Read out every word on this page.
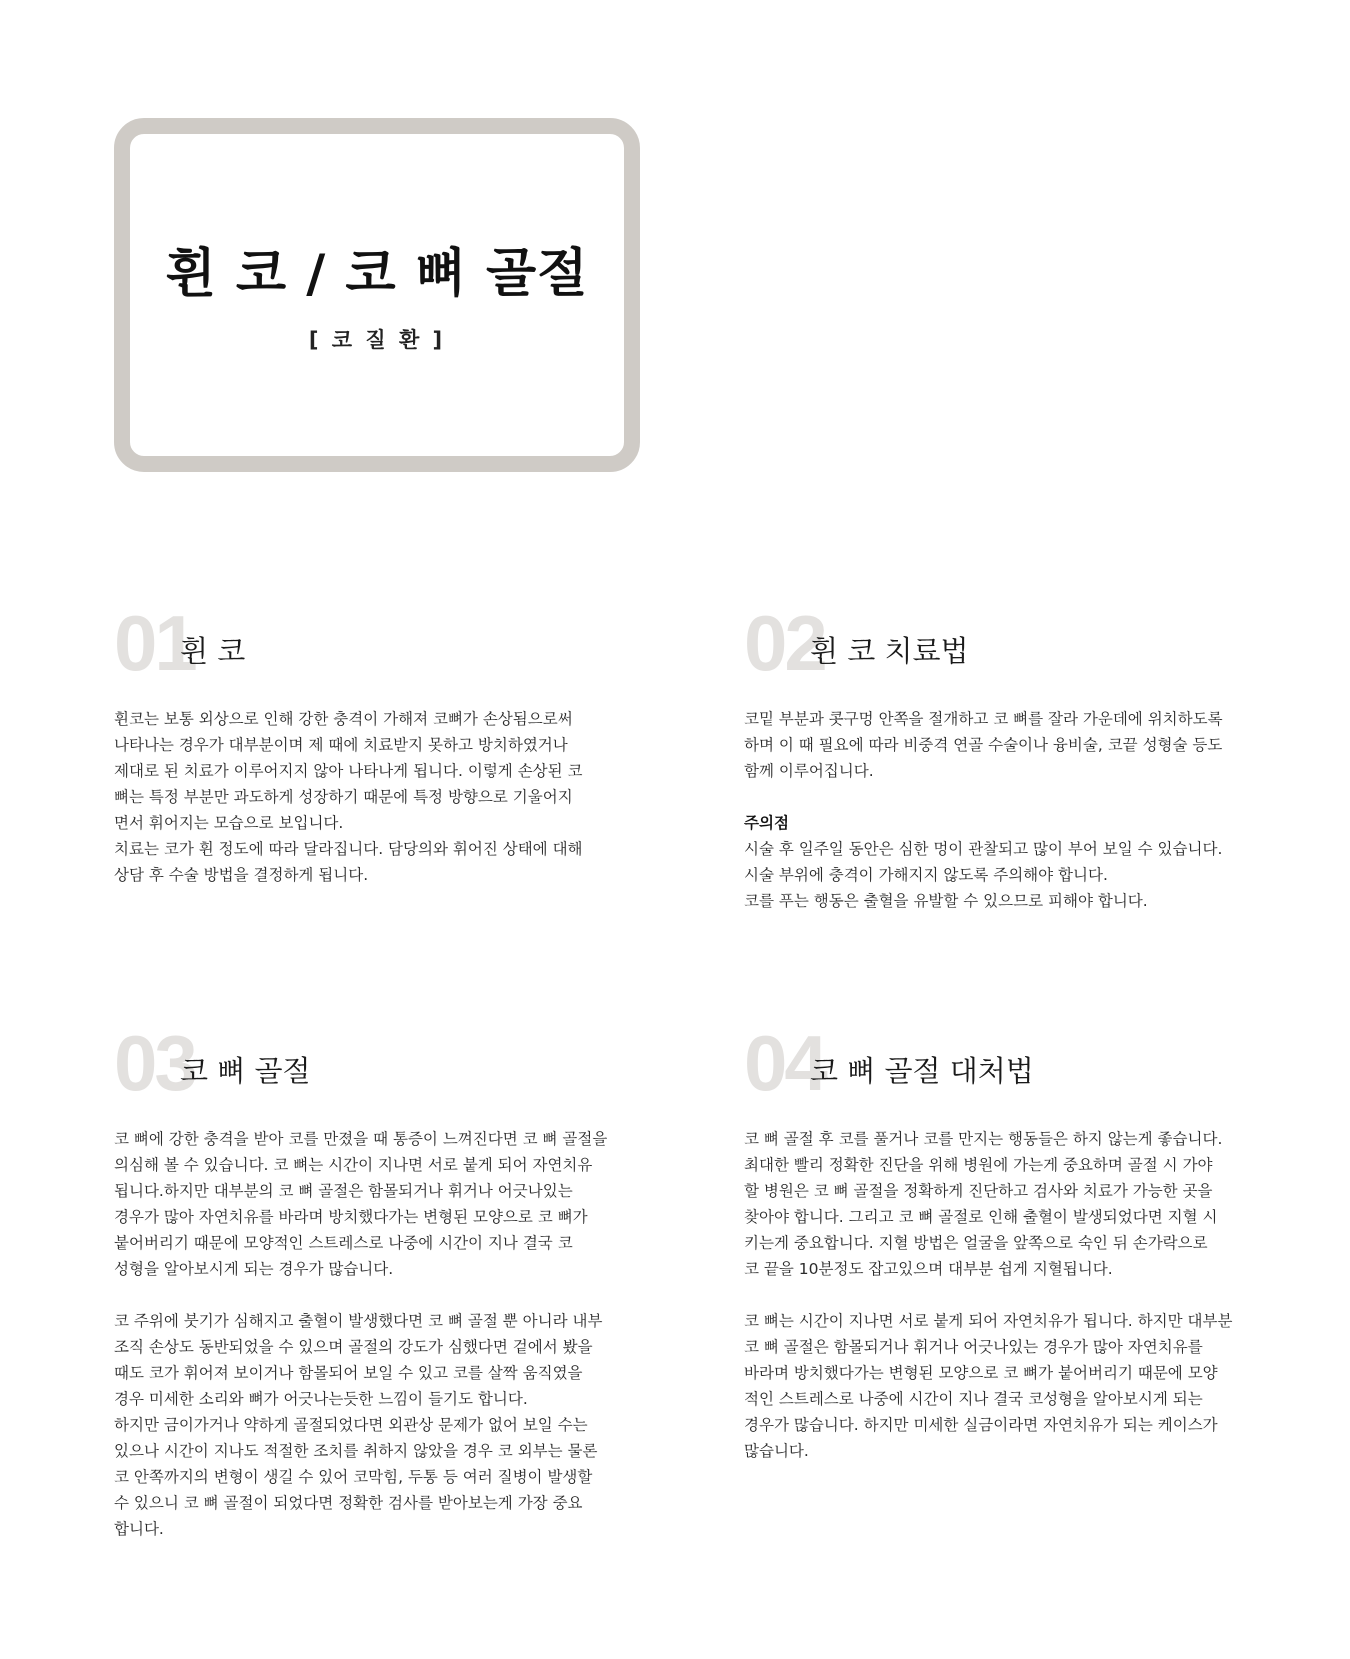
휜 코 / 코 뼈 골절
[ 코 질 환 ]
01
휜 코

휜코는 보통 외상으로 인해 강한 충격이 가해져 코뼈가 손상됨으로써

나타나는 경우가 대부분이며 제 때에 치료받지 못하고 방치하였거나

제대로 된 치료가 이루어지지 않아 나타나게 됩니다. 이렇게 손상된 코

뼈는 특정 부분만 과도하게 성장하기 때문에 특정 방향으로 기울어지

면서 휘어지는 모습으로 보입니다.

치료는 코가 휜 정도에 따라 달라집니다. 담당의와 휘어진 상태에 대해

상담 후 수술 방법을 결정하게 됩니다.

02
휜 코 치료법

코밑 부분과 콧구멍 안쪽을 절개하고 코 뼈를 잘라 가운데에 위치하도록

하며 이 때 필요에 따라 비중격 연골 수술이나 융비술, 코끝 성형술 등도

함께 이루어집니다.

주의점

시술 후 일주일 동안은 심한 멍이 관찰되고 많이 부어 보일 수 있습니다.

시술 부위에 충격이 가해지지 않도록 주의해야 합니다.

코를 푸는 행동은 출혈을 유발할 수 있으므로 피해야 합니다.

03
코 뼈 골절

코 뼈에 강한 충격을 받아 코를 만졌을 때 통증이 느껴진다면 코 뼈 골절을

의심해 볼 수 있습니다. 코 뼈는 시간이 지나면 서로 붙게 되어 자연치유

됩니다.하지만 대부분의 코 뼈 골절은 함몰되거나 휘거나 어긋나있는

경우가 많아 자연치유를 바라며 방치했다가는 변형된 모양으로 코 뼈가

붙어버리기 때문에 모양적인 스트레스로 나중에 시간이 지나 결국 코

성형을 알아보시게 되는 경우가 많습니다.

코 주위에 붓기가 심해지고 출혈이 발생했다면 코 뼈 골절 뿐 아니라 내부

조직 손상도 동반되었을 수 있으며 골절의 강도가 심했다면 겉에서 봤을

때도 코가 휘어져 보이거나 함몰되어 보일 수 있고 코를 살짝 움직였을

경우 미세한 소리와 뼈가 어긋나는듯한 느낌이 들기도 합니다.

하지만 금이가거나 약하게 골절되었다면 외관상 문제가 없어 보일 수는

있으나 시간이 지나도 적절한 조치를 취하지 않았을 경우 코 외부는 물론

코 안쪽까지의 변형이 생길 수 있어 코막힘, 두통 등 여러 질병이 발생할

수 있으니 코 뼈 골절이 되었다면 정확한 검사를 받아보는게 가장 중요

합니다.

04
코 뼈 골절 대처법

코 뼈 골절 후 코를 풀거나 코를 만지는 행동들은 하지 않는게 좋습니다.

최대한 빨리 정확한 진단을 위해 병원에 가는게 중요하며 골절 시 가야

할 병원은 코 뼈 골절을 정확하게 진단하고 검사와 치료가 가능한 곳을

찾아야 합니다. 그리고 코 뼈 골절로 인해 출혈이 발생되었다면 지혈 시

키는게 중요합니다. 지혈 방법은 얼굴을 앞쪽으로 숙인 뒤 손가락으로

코 끝을 10분정도 잡고있으며 대부분 쉽게 지혈됩니다.

코 뼈는 시간이 지나면 서로 붙게 되어 자연치유가 됩니다. 하지만 대부분

코 뼈 골절은 함몰되거나 휘거나 어긋나있는 경우가 많아 자연치유를

바라며 방치했다가는 변형된 모양으로 코 뼈가 붙어버리기 때문에 모양

적인 스트레스로 나중에 시간이 지나 결국 코성형을 알아보시게 되는

경우가 많습니다. 하지만 미세한 실금이라면 자연치유가 되는 케이스가

많습니다.
